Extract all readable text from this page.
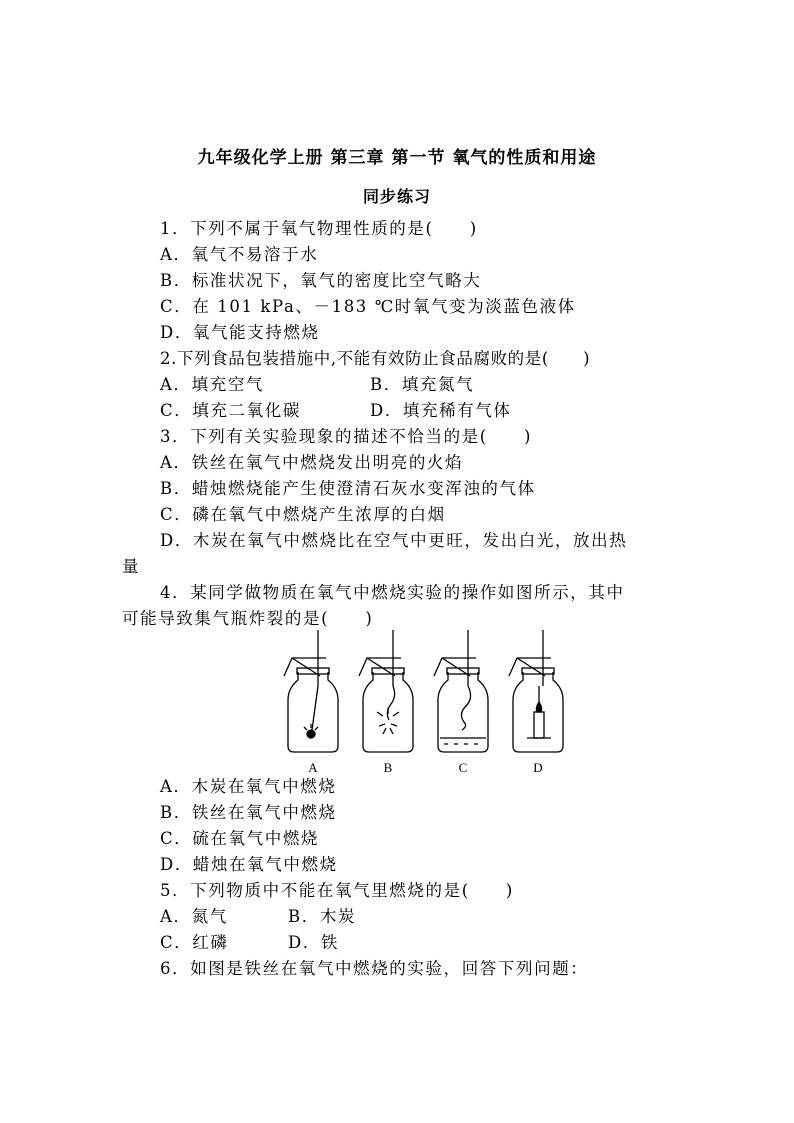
九年级化学上册 第三章 第一节 氧气的性质和用途
同步练习
1．下列不属于氧气物理性质的是(　　)
A．氧气不易溶于水
B．标准状况下，氧气的密度比空气略大
C．在 101 kPa、－183 ℃时氧气变为淡蓝色液体
D．氧气能支持燃烧
2.下列食品包装措施中,不能有效防止食品腐败的是(　　)
A．填充空气	B．填充氮气
C．填充二氧化碳	D．填充稀有气体
3．下列有关实验现象的描述不恰当的是(　　)
A．铁丝在氧气中燃烧发出明亮的火焰
B．蜡烛燃烧能产生使澄清石灰水变浑浊的气体
C．磷在氧气中燃烧产生浓厚的白烟
D．木炭在氧气中燃烧比在空气中更旺，发出白光，放出热
量
4．某同学做物质在氧气中燃烧实验的操作如图所示，其中
可能导致集气瓶炸裂的是(　　)
A	B	C	D
A．木炭在氧气中燃烧
B．铁丝在氧气中燃烧
C．硫在氧气中燃烧
D．蜡烛在氧气中燃烧
5．下列物质中不能在氧气里燃烧的是(　　)
A．氮气	B．木炭
C．红磷	D．铁
6．如图是铁丝在氧气中燃烧的实验，回答下列问题：
